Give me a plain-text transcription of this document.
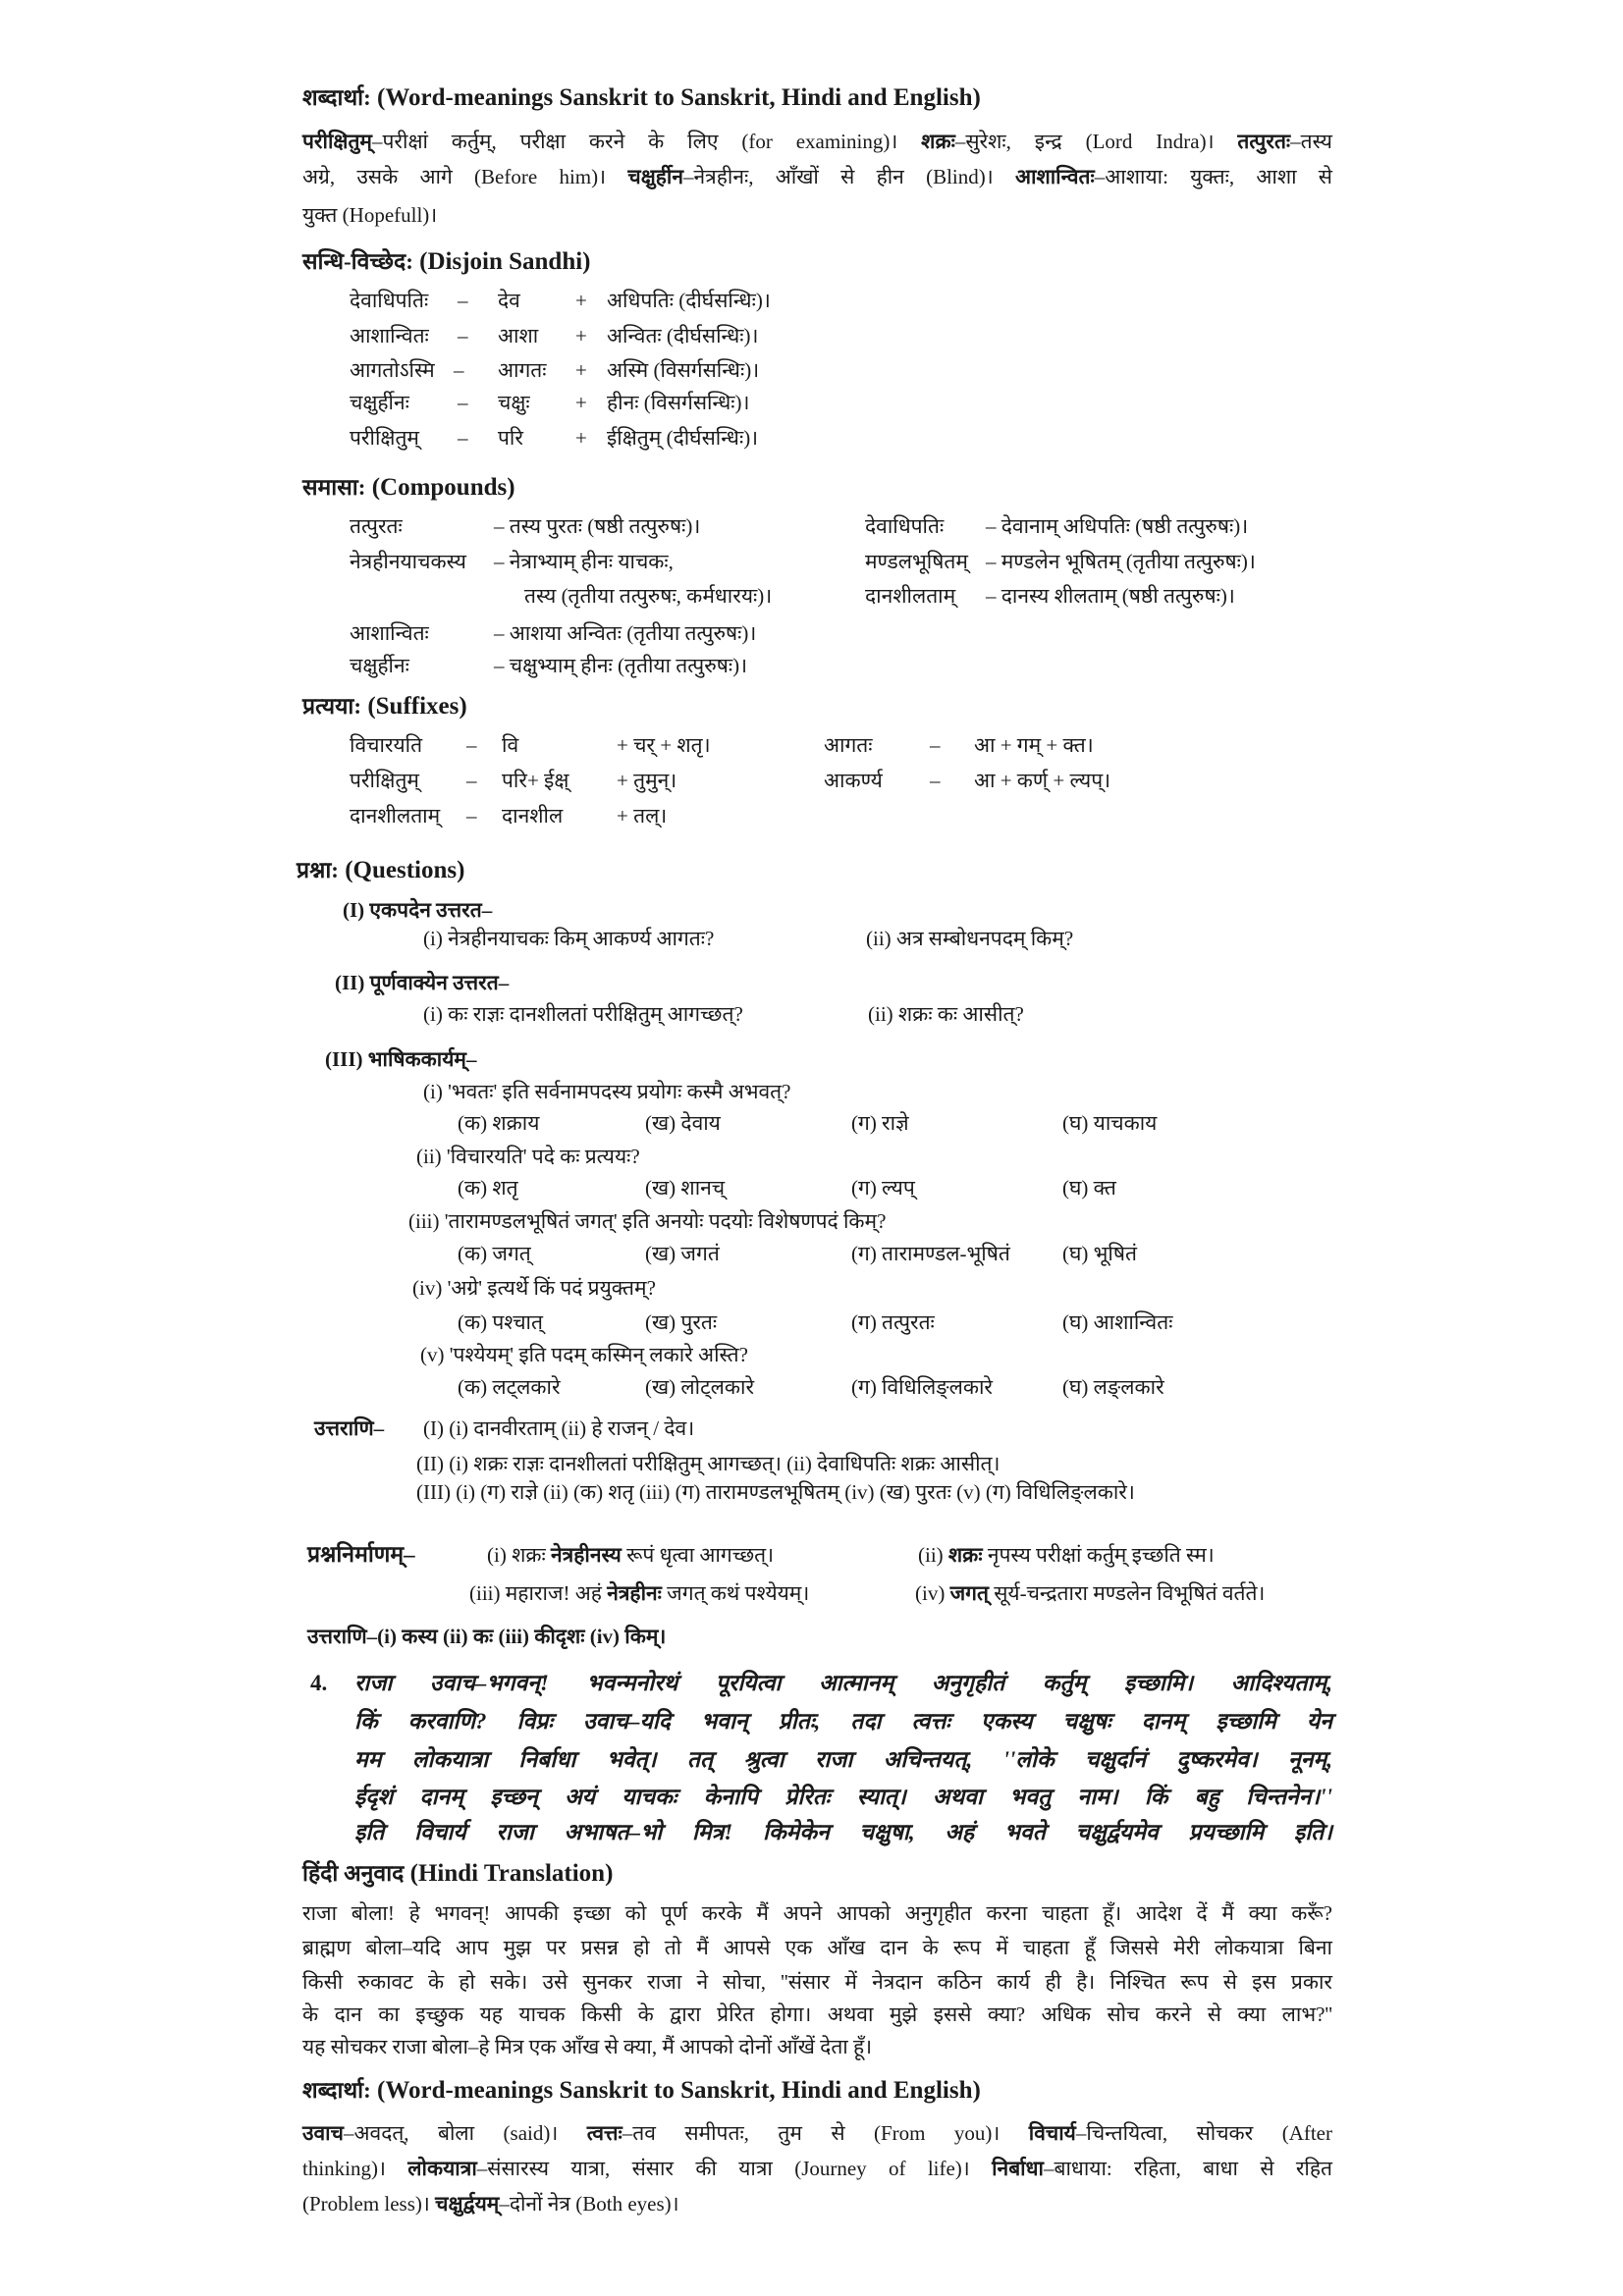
शब्दार्था: (Word-meanings Sanskrit to Sanskrit, Hindi and English)
परीक्षितुम्–परीक्षां कर्तुम्, परीक्षा करने के लिए (for examining)। शक्रः–सुरेशः, इन्द्र (Lord Indra)। तत्पुरतः–तस्य
अग्रे, उसके आगे (Before him)। चक्षुर्हीन–नेत्रहीनः, आँखों से हीन (Blind)। आशान्वितः–आशाया: युक्तः, आशा से
युक्त (Hopefull)।
सन्धि-विच्छेद: (Disjoin Sandhi)
देवाधिपतिः – देव	+ अधिपतिः (दीर्घसन्धिः)।
आशान्वितः – आशा + अन्वितः (दीर्घसन्धिः)।
आगतोऽस्मि – आगतः + अस्मि (विसर्गसन्धिः)।
चक्षुर्हीनः – चक्षुः + हीनः (विसर्गसन्धिः)।
परीक्षितुम् – परि	+ ईक्षितुम् (दीर्घसन्धिः)।
समासा: (Compounds)
तत्पुरतः	– तस्य पुरतः (षष्ठी तत्पुरुषः)।	देवाधिपतिः – देवानाम् अधिपतिः (षष्ठी तत्पुरुषः)।
नेत्रहीनयाचकस्य – नेत्राभ्याम् हीनः याचकः,	मण्डलभूषितम् – मण्डलेन भूषितम् (तृतीया तत्पुरुषः)।
तस्य (तृतीया तत्पुरुषः, कर्मधारयः)।	दानशीलताम् – दानस्य शीलताम् (षष्ठी तत्पुरुषः)।
आशान्वितः	– आशया अन्वितः (तृतीया तत्पुरुषः)।
चक्षुर्हीनः	– चक्षुभ्याम् हीनः (तृतीया तत्पुरुषः)।
प्रत्यया: (Suffixes)
विचारयति – वि	+ चर् + शतृ।	आगतः	– आ + गम् + क्त।
परीक्षितुम् – परि+ ईक्ष् + तुमुन्।	आकर्ण्य – आ + कर्ण् + ल्यप्।
दानशीलताम् – दानशील	+ तल्।
प्रश्ना: (Questions)
(I) एकपदेन उत्तरत–
(i) नेत्रहीनयाचकः किम् आकर्ण्य आगतः?	(ii) अत्र सम्बोधनपदम् किम्?
(II) पूर्णवाक्येन उत्तरत–
(i) कः राज्ञः दानशीलतां परीक्षितुम् आगच्छत्?	(ii) शक्रः कः आसीत्?
(III) भाषिककार्यम्–
(i) 'भवतः' इति सर्वनामपदस्य प्रयोगः कस्मै अभवत्?
(क) शक्राय	(ख) देवाय	(ग) राज्ञे	(घ) याचकाय
(ii) 'विचारयति' पदे कः प्रत्ययः?
(क) शतृ	(ख) शानच्	(ग) ल्यप्	(घ) क्त
(iii) 'तारामण्डलभूषितं जगत्' इति अनयोः पदयोः विशेषणपदं किम्?
(क) जगत्	(ख) जगतं	(ग) तारामण्डल-भूषितं	(घ) भूषितं
(iv) 'अग्रे' इत्यर्थे किं पदं प्रयुक्तम्?
(क) पश्चात्	(ख) पुरतः	(ग) तत्पुरतः	(घ) आशान्वितः
(v) 'पश्येयम्' इति पदम् कस्मिन् लकारे अस्ति?
(क) लट्लकारे	(ख) लोट्लकारे	(ग) विधिलिङ्लकारे	(घ) लङ्लकारे
उत्तराणि– (I) (i) दानवीरताम् (ii) हे राजन् / देव।
(II) (i) शक्रः राज्ञः दानशीलतां परीक्षितुम् आगच्छत्। (ii) देवाधिपतिः शक्रः आसीत्।
(III) (i) (ग) राज्ञे (ii) (क) शतृ (iii) (ग) तारामण्डलभूषितम् (iv) (ख) पुरतः (v) (ग) विधिलिङ्लकारे।
प्रश्ननिर्माणम्–	(i) शक्रः नेत्रहीनस्य रूपं धृत्वा आगच्छत्।	(ii) शक्रः नृपस्य परीक्षां कर्तुम् इच्छति स्म।
(iii) महाराज! अहं नेत्रहीनः जगत् कथं पश्येयम्।	(iv) जगत् सूर्य-चन्द्रतारा मण्डलेन विभूषितं वर्तते।
उत्तराणि–(i) कस्य (ii) कः (iii) कीदृशः (iv) किम्।
4. राजा उवाच–भगवन्! भवन्मनोरथं पूरयित्वा आत्मानम् अनुगृहीतं कर्तुम् इच्छामि। आदिश्यताम्,
किं करवाणि? विप्रः उवाच–यदि भवान् प्रीतः, तदा त्वत्तः एकस्य चक्षुषः दानम् इच्छामि येन
मम लोकयात्रा निर्बाधा भवेत्। तत् श्रुत्वा राजा अचिन्तयत्, ''लोके चक्षुर्दानं दुष्करमेव। नूनम्,
ईदृशं दानम् इच्छन् अयं याचकः केनापि प्रेरितः स्यात्। अथवा भवतु नाम। किं बहु चिन्तनेन।''
इति विचार्य राजा अभाषत–भो मित्र! किमेकेन चक्षुषा, अहं भवते चक्षुर्द्वयमेव प्रयच्छामि इति।
हिंदी अनुवाद (Hindi Translation)
राजा बोला! हे भगवन्! आपकी इच्छा को पूर्ण करके मैं अपने आपको अनुगृहीत करना चाहता हूँ। आदेश दें मैं क्या करूँ?
ब्राह्मण बोला–यदि आप मुझ पर प्रसन्न हो तो मैं आपसे एक आँख दान के रूप में चाहता हूँ जिससे मेरी लोकयात्रा बिना
किसी रुकावट के हो सके। उसे सुनकर राजा ने सोचा, ''संसार में नेत्रदान कठिन कार्य ही है। निश्चित रूप से इस प्रकार
के दान का इच्छुक यह याचक किसी के द्वारा प्रेरित होगा। अथवा मुझे इससे क्या? अधिक सोच करने से क्या लाभ?''
यह सोचकर राजा बोला–हे मित्र एक आँख से क्या, मैं आपको दोनों आँखें देता हूँ।
शब्दार्था: (Word-meanings Sanskrit to Sanskrit, Hindi and English)
उवाच–अवदत्, बोला (said)। त्वत्तः–तव समीपतः, तुम से (From you)। विचार्य–चिन्तयित्वा, सोचकर (After
thinking)। लोकयात्रा–संसारस्य यात्रा, संसार की यात्रा (Journey of life)। निर्बाधा–बाधाया: रहिता, बाधा से रहित
(Problem less)। चक्षुर्द्वयम्–दोनों नेत्र (Both eyes)।
